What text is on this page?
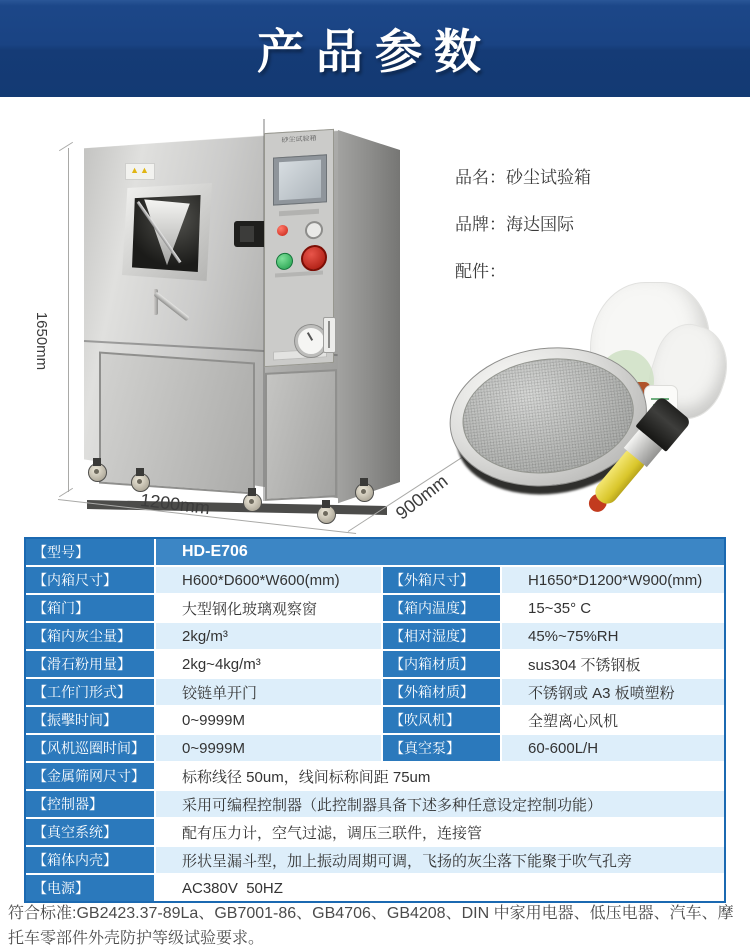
产品参数
▲▲
砂尘试验箱
1650mm
1200mm	900mm
品名：砂尘试验箱
品牌：海达国际
配件：
【型号】	HD-E706
【内箱尺寸】	H600*D600*W600(mm)	【外箱尺寸】	H1650*D1200*W900(mm)
【箱门】	大型钢化玻璃观察窗	【箱内温度】	15~35° C
【箱内灰尘量】	2kg/m³	【相对湿度】	45%~75%RH
【滑石粉用量】	2kg~4kg/m³	【内箱材质】	sus304 不锈钢板
【工作门形式】	铰链单开门	【外箱材质】	不锈钢或 A3 板喷塑粉
【振擊时间】	0~9999M	【吹风机】	全塑离心风机
【风机巡圈时间】	0~9999M	【真空泵】	60-600L/H
【金属筛网尺寸】	标称线径 50um，线间标称间距 75um
【控制器】	采用可编程控制器（此控制器具备下述多种任意设定控制功能）
【真空系统】	配有压力计，空气过滤，调压三联件，连接管
【箱体内壳】	形状呈漏斗型，加上振动周期可调，飞扬的灰尘落下能聚于吹气孔旁
【电源】	AC380V  50HZ
符合标准:GB2423.37-89La、GB7001-86、GB4706、GB4208、DIN 中家用电器、低压电器、汽车、摩托车零部件外壳防护等级试验要求。
